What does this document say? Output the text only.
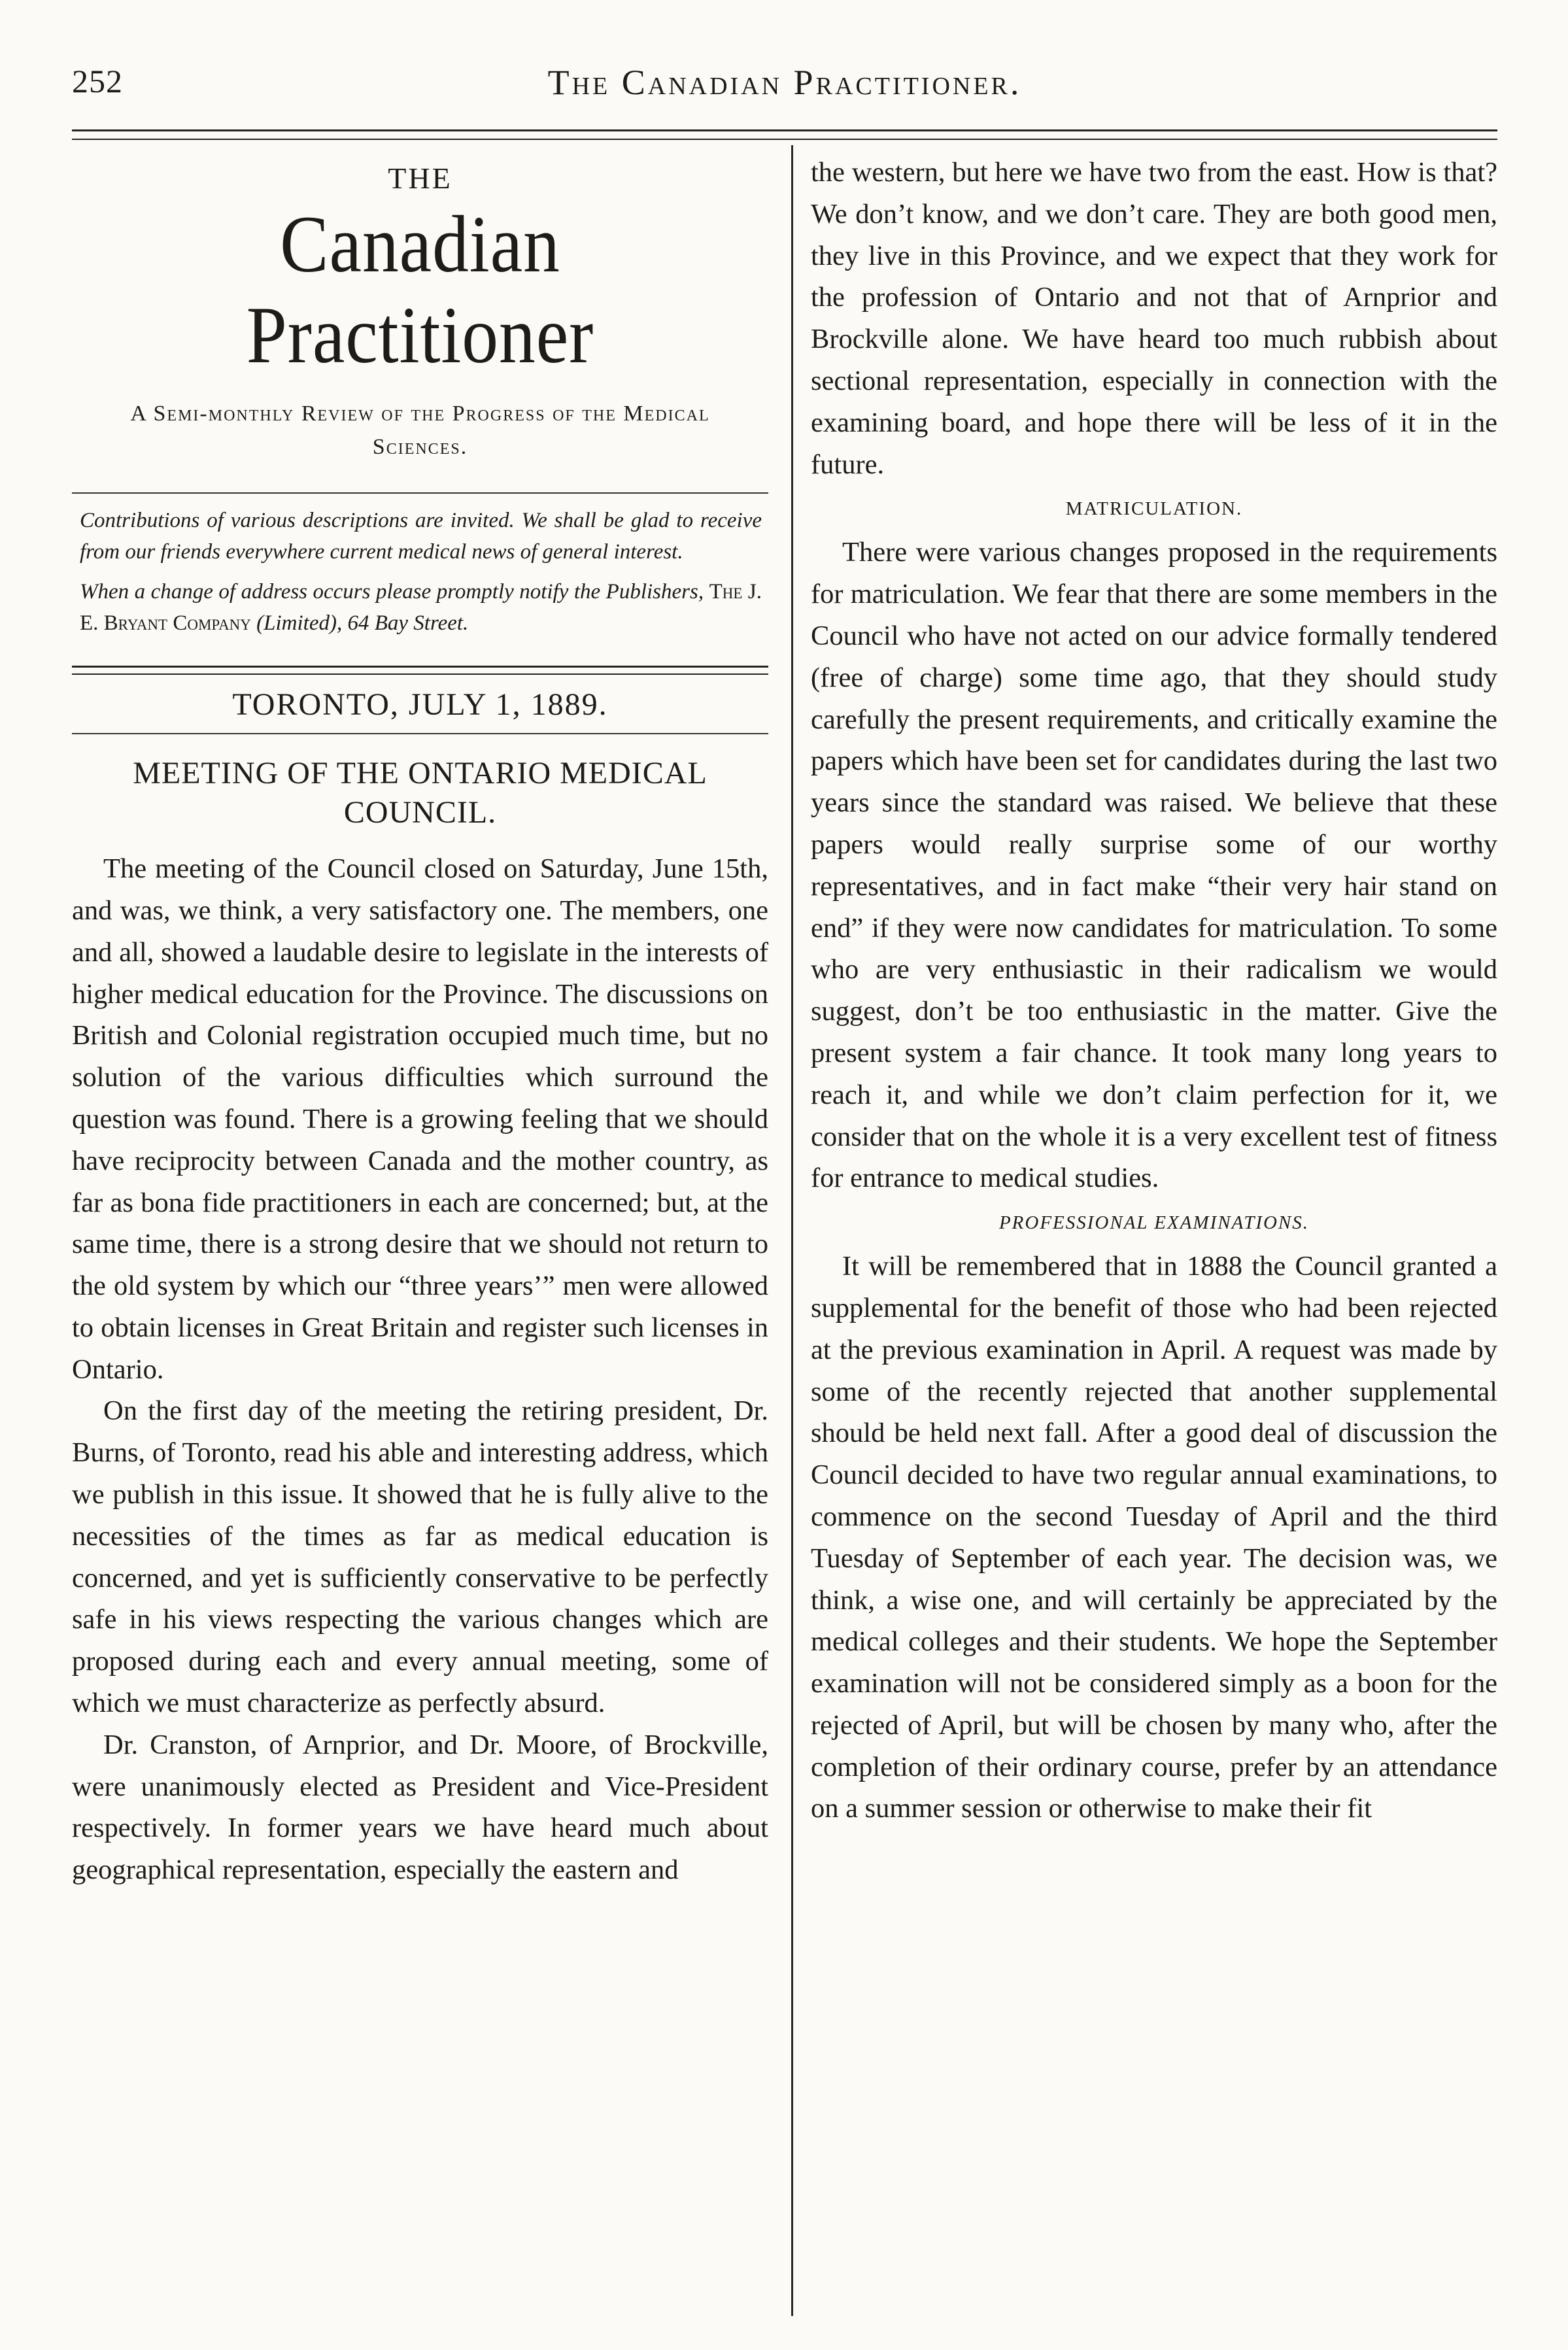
252	The Canadian Practitioner.
THE
Canadian Practitioner
A Semi-monthly Review of the Progress of the Medical Sciences.
Contributions of various descriptions are invited. We shall be glad to receive from our friends everywhere current medical news of general interest.
When a change of address occurs please promptly notify the Publishers, The J. E. Bryant Company (Limited), 64 Bay Street.
TORONTO, JULY 1, 1889.
MEETING OF THE ONTARIO MEDICAL COUNCIL.

The meeting of the Council closed on Saturday, June 15th, and was, we think, a very satisfactory one. The members, one and all, showed a laudable desire to legislate in the interests of higher medical education for the Province. The discussions on British and Colonial registration occupied much time, but no solution of the various difficulties which surround the question was found. There is a growing feeling that we should have reciprocity between Canada and the mother country, as far as bona fide practitioners in each are concerned; but, at the same time, there is a strong desire that we should not return to the old system by which our “three years’” men were allowed to obtain licenses in Great Britain and register such licenses in Ontario.

On the first day of the meeting the retiring president, Dr. Burns, of Toronto, read his able and interesting address, which we publish in this issue. It showed that he is fully alive to the necessities of the times as far as medical education is concerned, and yet is sufficiently conservative to be perfectly safe in his views respecting the various changes which are proposed during each and every annual meeting, some of which we must characterize as perfectly absurd.

Dr. Cranston, of Arnprior, and Dr. Moore, of Brockville, were unanimously elected as President and Vice-President respectively. In former years we have heard much about geographical representation, especially the eastern and

the western, but here we have two from the east. How is that? We don’t know, and we don’t care. They are both good men, they live in this Province, and we expect that they work for the profession of Ontario and not that of Arnprior and Brockville alone. We have heard too much rubbish about sectional representation, especially in connection with the examining board, and hope there will be less of it in the future.

MATRICULATION.

There were various changes proposed in the requirements for matriculation. We fear that there are some members in the Council who have not acted on our advice formally tendered (free of charge) some time ago, that they should study carefully the present requirements, and critically examine the papers which have been set for candidates during the last two years since the standard was raised. We believe that these papers would really surprise some of our worthy representatives, and in fact make “their very hair stand on end” if they were now candidates for matriculation. To some who are very enthusiastic in their radicalism we would suggest, don’t be too enthusiastic in the matter. Give the present system a fair chance. It took many long years to reach it, and while we don’t claim perfection for it, we consider that on the whole it is a very excellent test of fitness for entrance to medical studies.

PROFESSIONAL EXAMINATIONS.

It will be remembered that in 1888 the Council granted a supplemental for the benefit of those who had been rejected at the previous examination in April. A request was made by some of the recently rejected that another supplemental should be held next fall. After a good deal of discussion the Council decided to have two regular annual examinations, to commence on the second Tuesday of April and the third Tuesday of September of each year. The decision was, we think, a wise one, and will certainly be appreciated by the medical colleges and their students. We hope the September examination will not be considered simply as a boon for the rejected of April, but will be chosen by many who, after the completion of their ordinary course, prefer by an attendance on a summer session or otherwise to make their fit
